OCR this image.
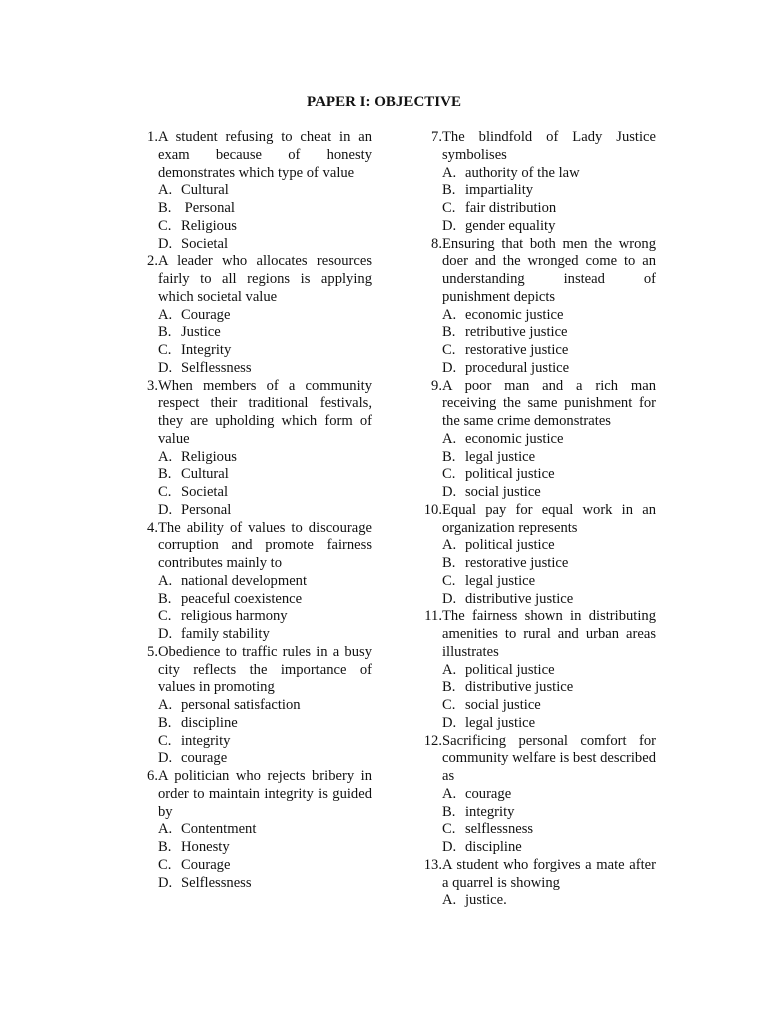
PAPER I: OBJECTIVE
1. A student refusing to cheat in an exam because of honesty demonstrates which type of value
A. Cultural
B. Personal
C. Religious
D. Societal
2. A leader who allocates resources fairly to all regions is applying which societal value
A. Courage
B. Justice
C. Integrity
D. Selflessness
3. When members of a community respect their traditional festivals, they are upholding which form of value
A. Religious
B. Cultural
C. Societal
D. Personal
4. The ability of values to discourage corruption and promote fairness contributes mainly to
A. national development
B. peaceful coexistence
C. religious harmony
D. family stability
5. Obedience to traffic rules in a busy city reflects the importance of values in promoting
A. personal satisfaction
B. discipline
C. integrity
D. courage
6. A politician who rejects bribery in order to maintain integrity is guided by
A. Contentment
B. Honesty
C. Courage
D. Selflessness
7. The blindfold of Lady Justice symbolises
A. authority of the law
B. impartiality
C. fair distribution
D. gender equality
8. Ensuring that both men the wrong doer and the wronged come to an understanding instead of punishment depicts
A. economic justice
B. retributive justice
C. restorative justice
D. procedural justice
9. A poor man and a rich man receiving the same punishment for the same crime demonstrates
A. economic justice
B. legal justice
C. political justice
D. social justice
10. Equal pay for equal work in an organization represents
A. political justice
B. restorative justice
C. legal justice
D. distributive justice
11. The fairness shown in distributing amenities to rural and urban areas illustrates
A. political justice
B. distributive justice
C. social justice
D. legal justice
12. Sacrificing personal comfort for community welfare is best described as
A. courage
B. integrity
C. selflessness
D. discipline
13. A student who forgives a mate after a quarrel is showing
A. justice.
